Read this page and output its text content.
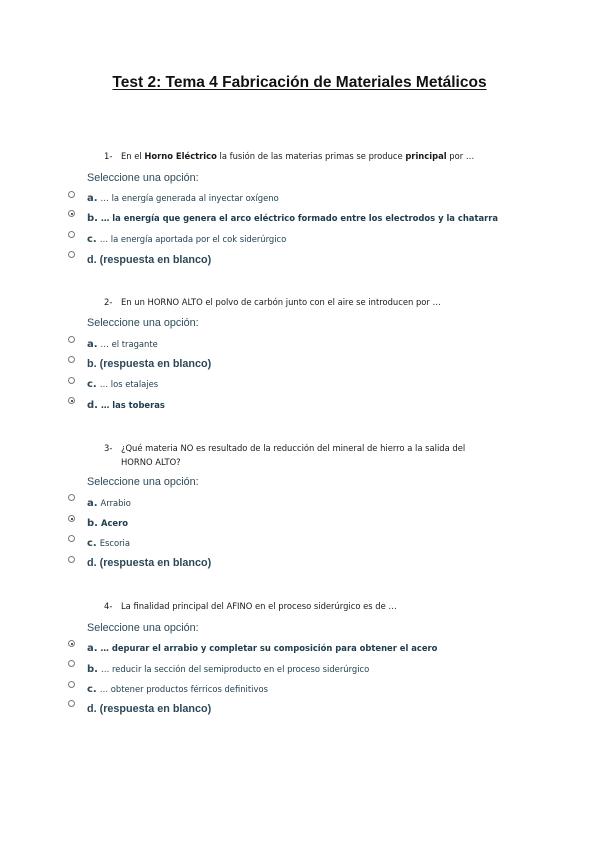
Test 2: Tema 4 Fabricación de Materiales Metálicos
1- En el Horno Eléctrico la fusión de las materias primas se produce principal por …
Seleccione una opción:
a. … la energía generada al inyectar oxígeno
b. … la energía que genera el arco eléctrico formado entre los electrodos y la chatarra
c. … la energía aportada por el cok siderúrgico
d. (respuesta en blanco)
2- En un HORNO ALTO el polvo de carbón junto con el aire se introducen por …
Seleccione una opción:
a. … el tragante
b. (respuesta en blanco)
c. … los etalajes
d. … las toberas
3- ¿Qué materia NO es resultado de la reducción del mineral de hierro a la salida del HORNO ALTO?
Seleccione una opción:
a. Arrabio
b. Acero
c. Escoria
d. (respuesta en blanco)
4- La finalidad principal del AFINO en el proceso siderúrgico es de …
Seleccione una opción:
a. … depurar el arrabio y completar su composición para obtener el acero
b. … reducir la sección del semiproducto en el proceso siderúrgico
c. … obtener productos férricos definitivos
d. (respuesta en blanco)
